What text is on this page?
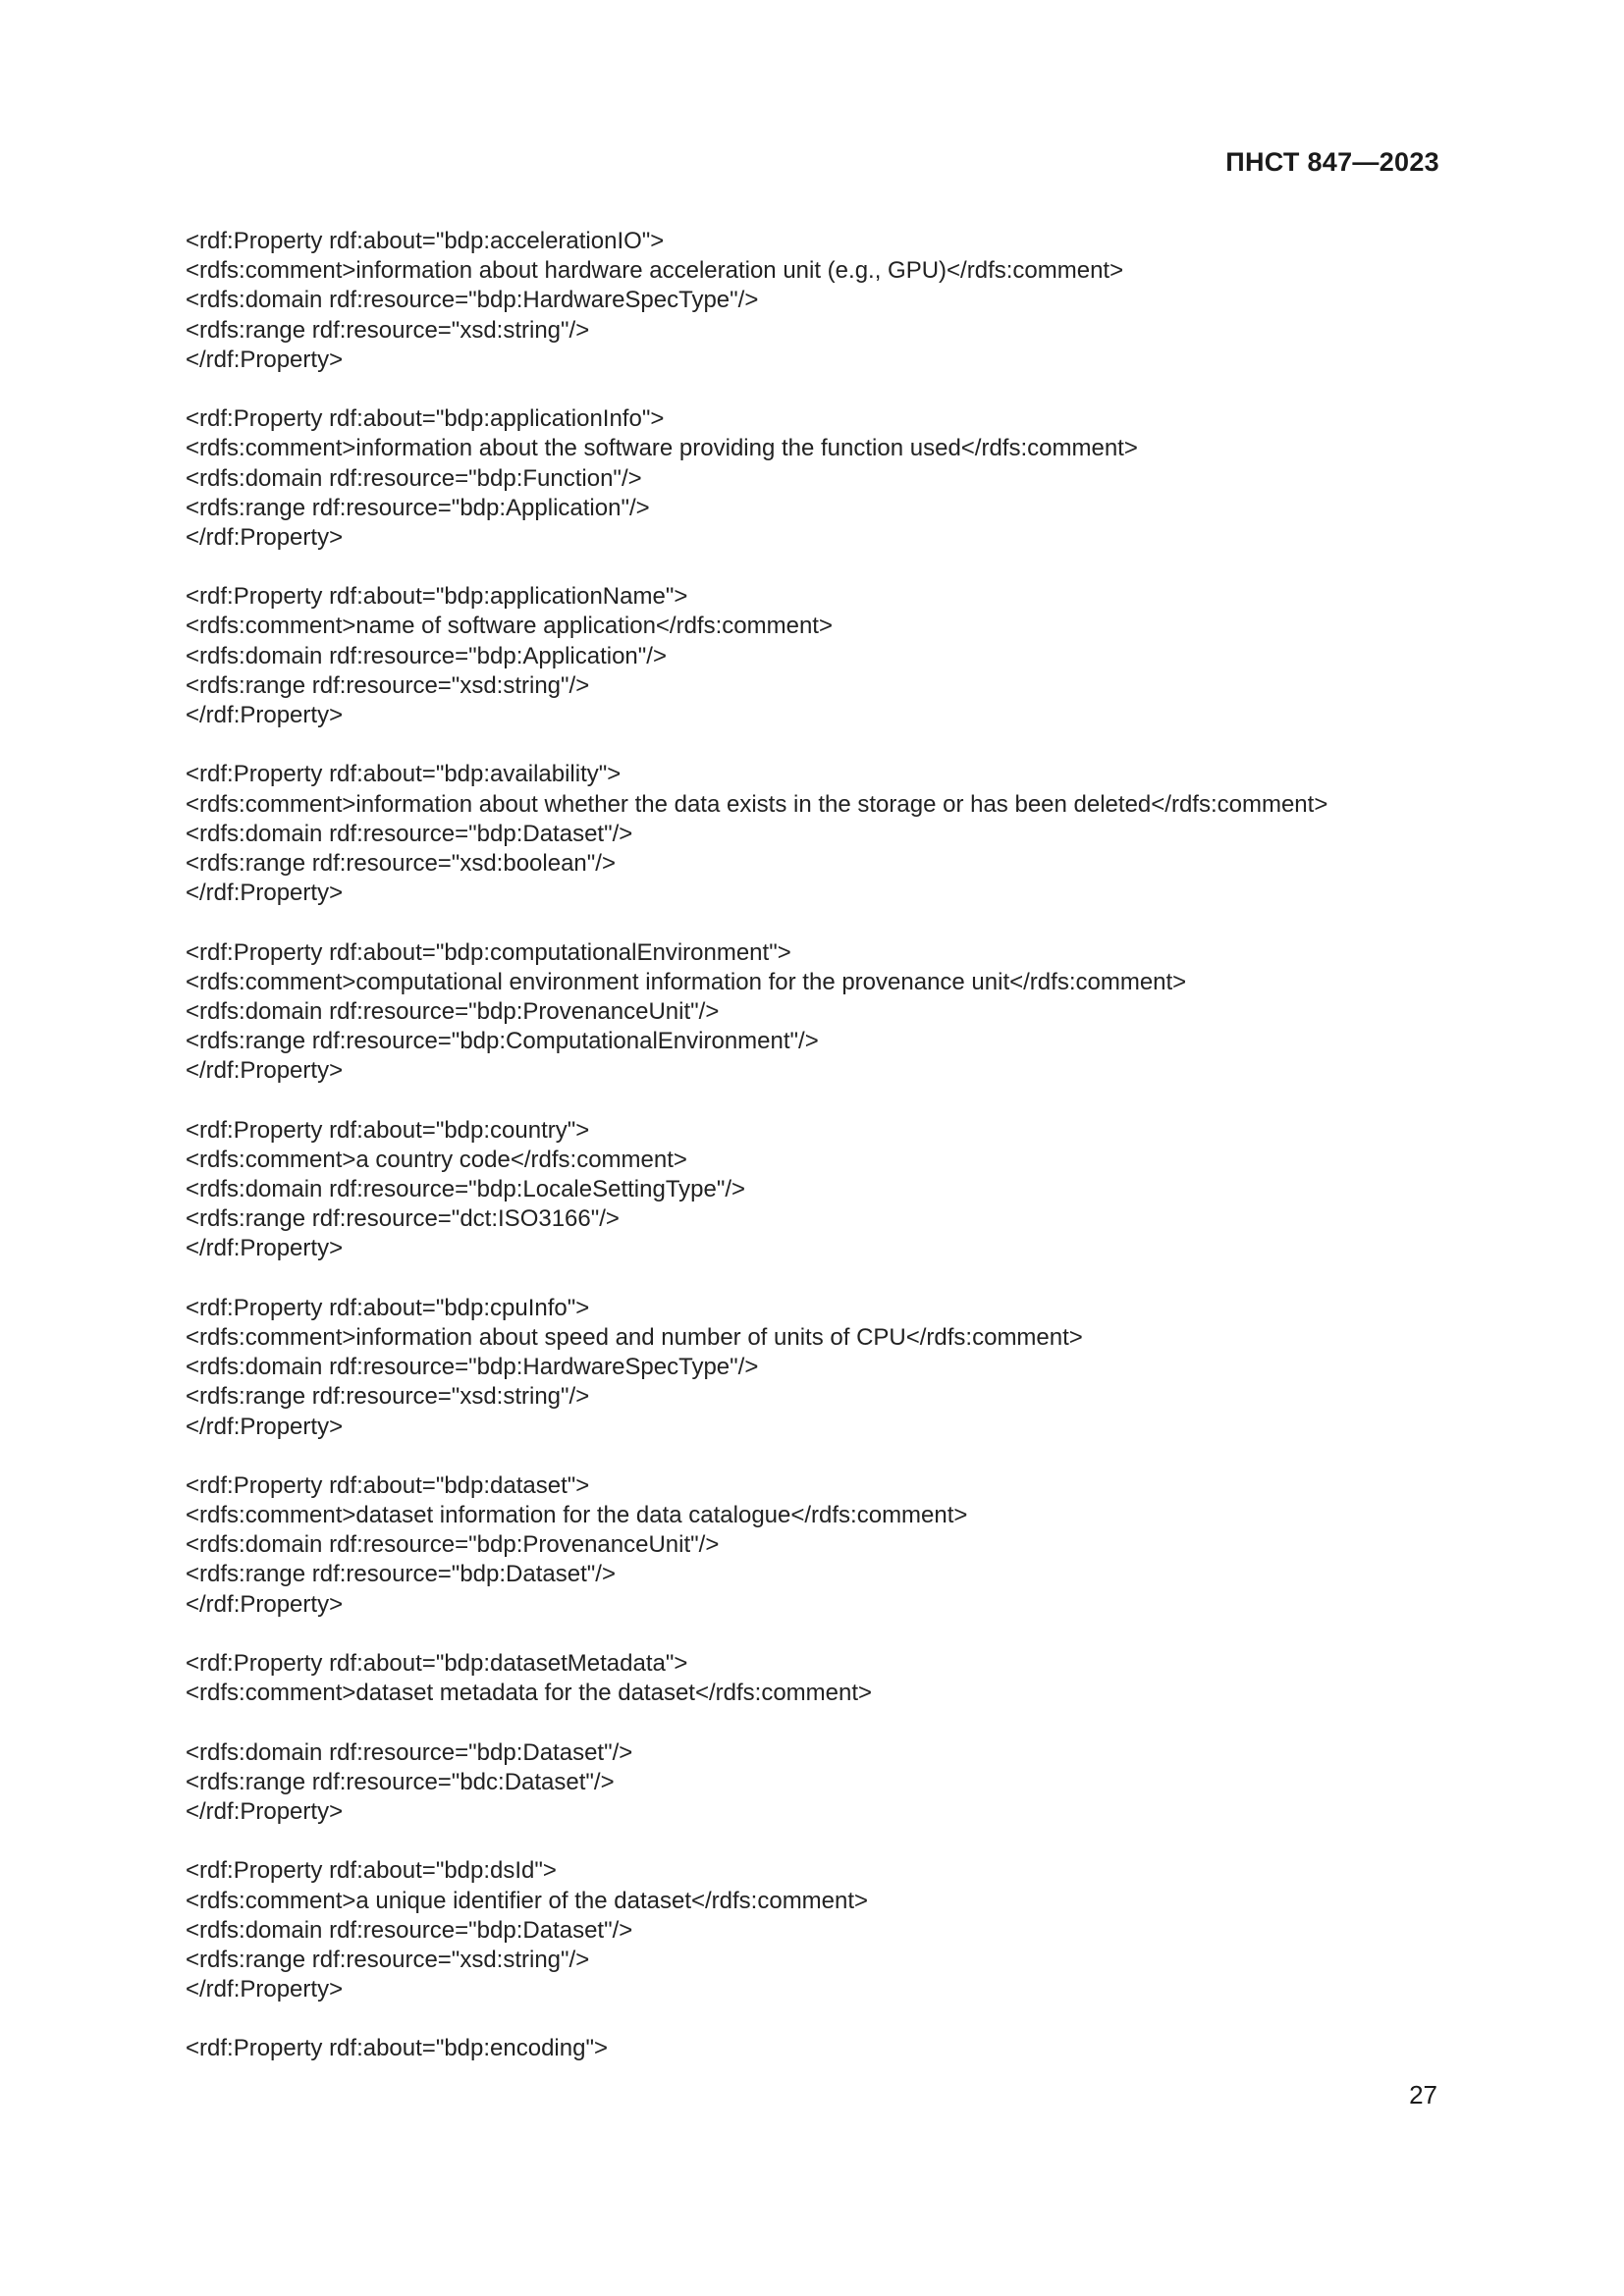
ПНСТ 847—2023
<rdf:Property rdf:about="bdp:accelerationIO">
<rdfs:comment>information about hardware acceleration unit (e.g., GPU)</rdfs:comment>
<rdfs:domain rdf:resource="bdp:HardwareSpecType"/>
<rdfs:range rdf:resource="xsd:string"/>
</rdf:Property>
<rdf:Property rdf:about="bdp:applicationInfo">
<rdfs:comment>information about the software providing the function used</rdfs:comment>
<rdfs:domain rdf:resource="bdp:Function"/>
<rdfs:range rdf:resource="bdp:Application"/>
</rdf:Property>
<rdf:Property rdf:about="bdp:applicationName">
<rdfs:comment>name of software application</rdfs:comment>
<rdfs:domain rdf:resource="bdp:Application"/>
<rdfs:range rdf:resource="xsd:string"/>
</rdf:Property>
<rdf:Property rdf:about="bdp:availability">
<rdfs:comment>information about whether the data exists in the storage or has been deleted</rdfs:comment>
<rdfs:domain rdf:resource="bdp:Dataset"/>
<rdfs:range rdf:resource="xsd:boolean"/>
</rdf:Property>
<rdf:Property rdf:about="bdp:computationalEnvironment">
<rdfs:comment>computational environment information for the provenance unit</rdfs:comment>
<rdfs:domain rdf:resource="bdp:ProvenanceUnit"/>
<rdfs:range rdf:resource="bdp:ComputationalEnvironment"/>
</rdf:Property>
<rdf:Property rdf:about="bdp:country">
<rdfs:comment>a country code</rdfs:comment>
<rdfs:domain rdf:resource="bdp:LocaleSettingType"/>
<rdfs:range rdf:resource="dct:ISO3166"/>
</rdf:Property>
<rdf:Property rdf:about="bdp:cpuInfo">
<rdfs:comment>information about speed and number of units of CPU</rdfs:comment>
<rdfs:domain rdf:resource="bdp:HardwareSpecType"/>
<rdfs:range rdf:resource="xsd:string"/>
</rdf:Property>
<rdf:Property rdf:about="bdp:dataset">
<rdfs:comment>dataset information for the data catalogue</rdfs:comment>
<rdfs:domain rdf:resource="bdp:ProvenanceUnit"/>
<rdfs:range rdf:resource="bdp:Dataset"/>
</rdf:Property>
<rdf:Property rdf:about="bdp:datasetMetadata">
<rdfs:comment>dataset metadata for the dataset</rdfs:comment>
<rdfs:domain rdf:resource="bdp:Dataset"/>
<rdfs:range rdf:resource="bdc:Dataset"/>
</rdf:Property>
<rdf:Property rdf:about="bdp:dsId">
<rdfs:comment>a unique identifier of the dataset</rdfs:comment>
<rdfs:domain rdf:resource="bdp:Dataset"/>
<rdfs:range rdf:resource="xsd:string"/>
</rdf:Property>
<rdf:Property rdf:about="bdp:encoding">
27
